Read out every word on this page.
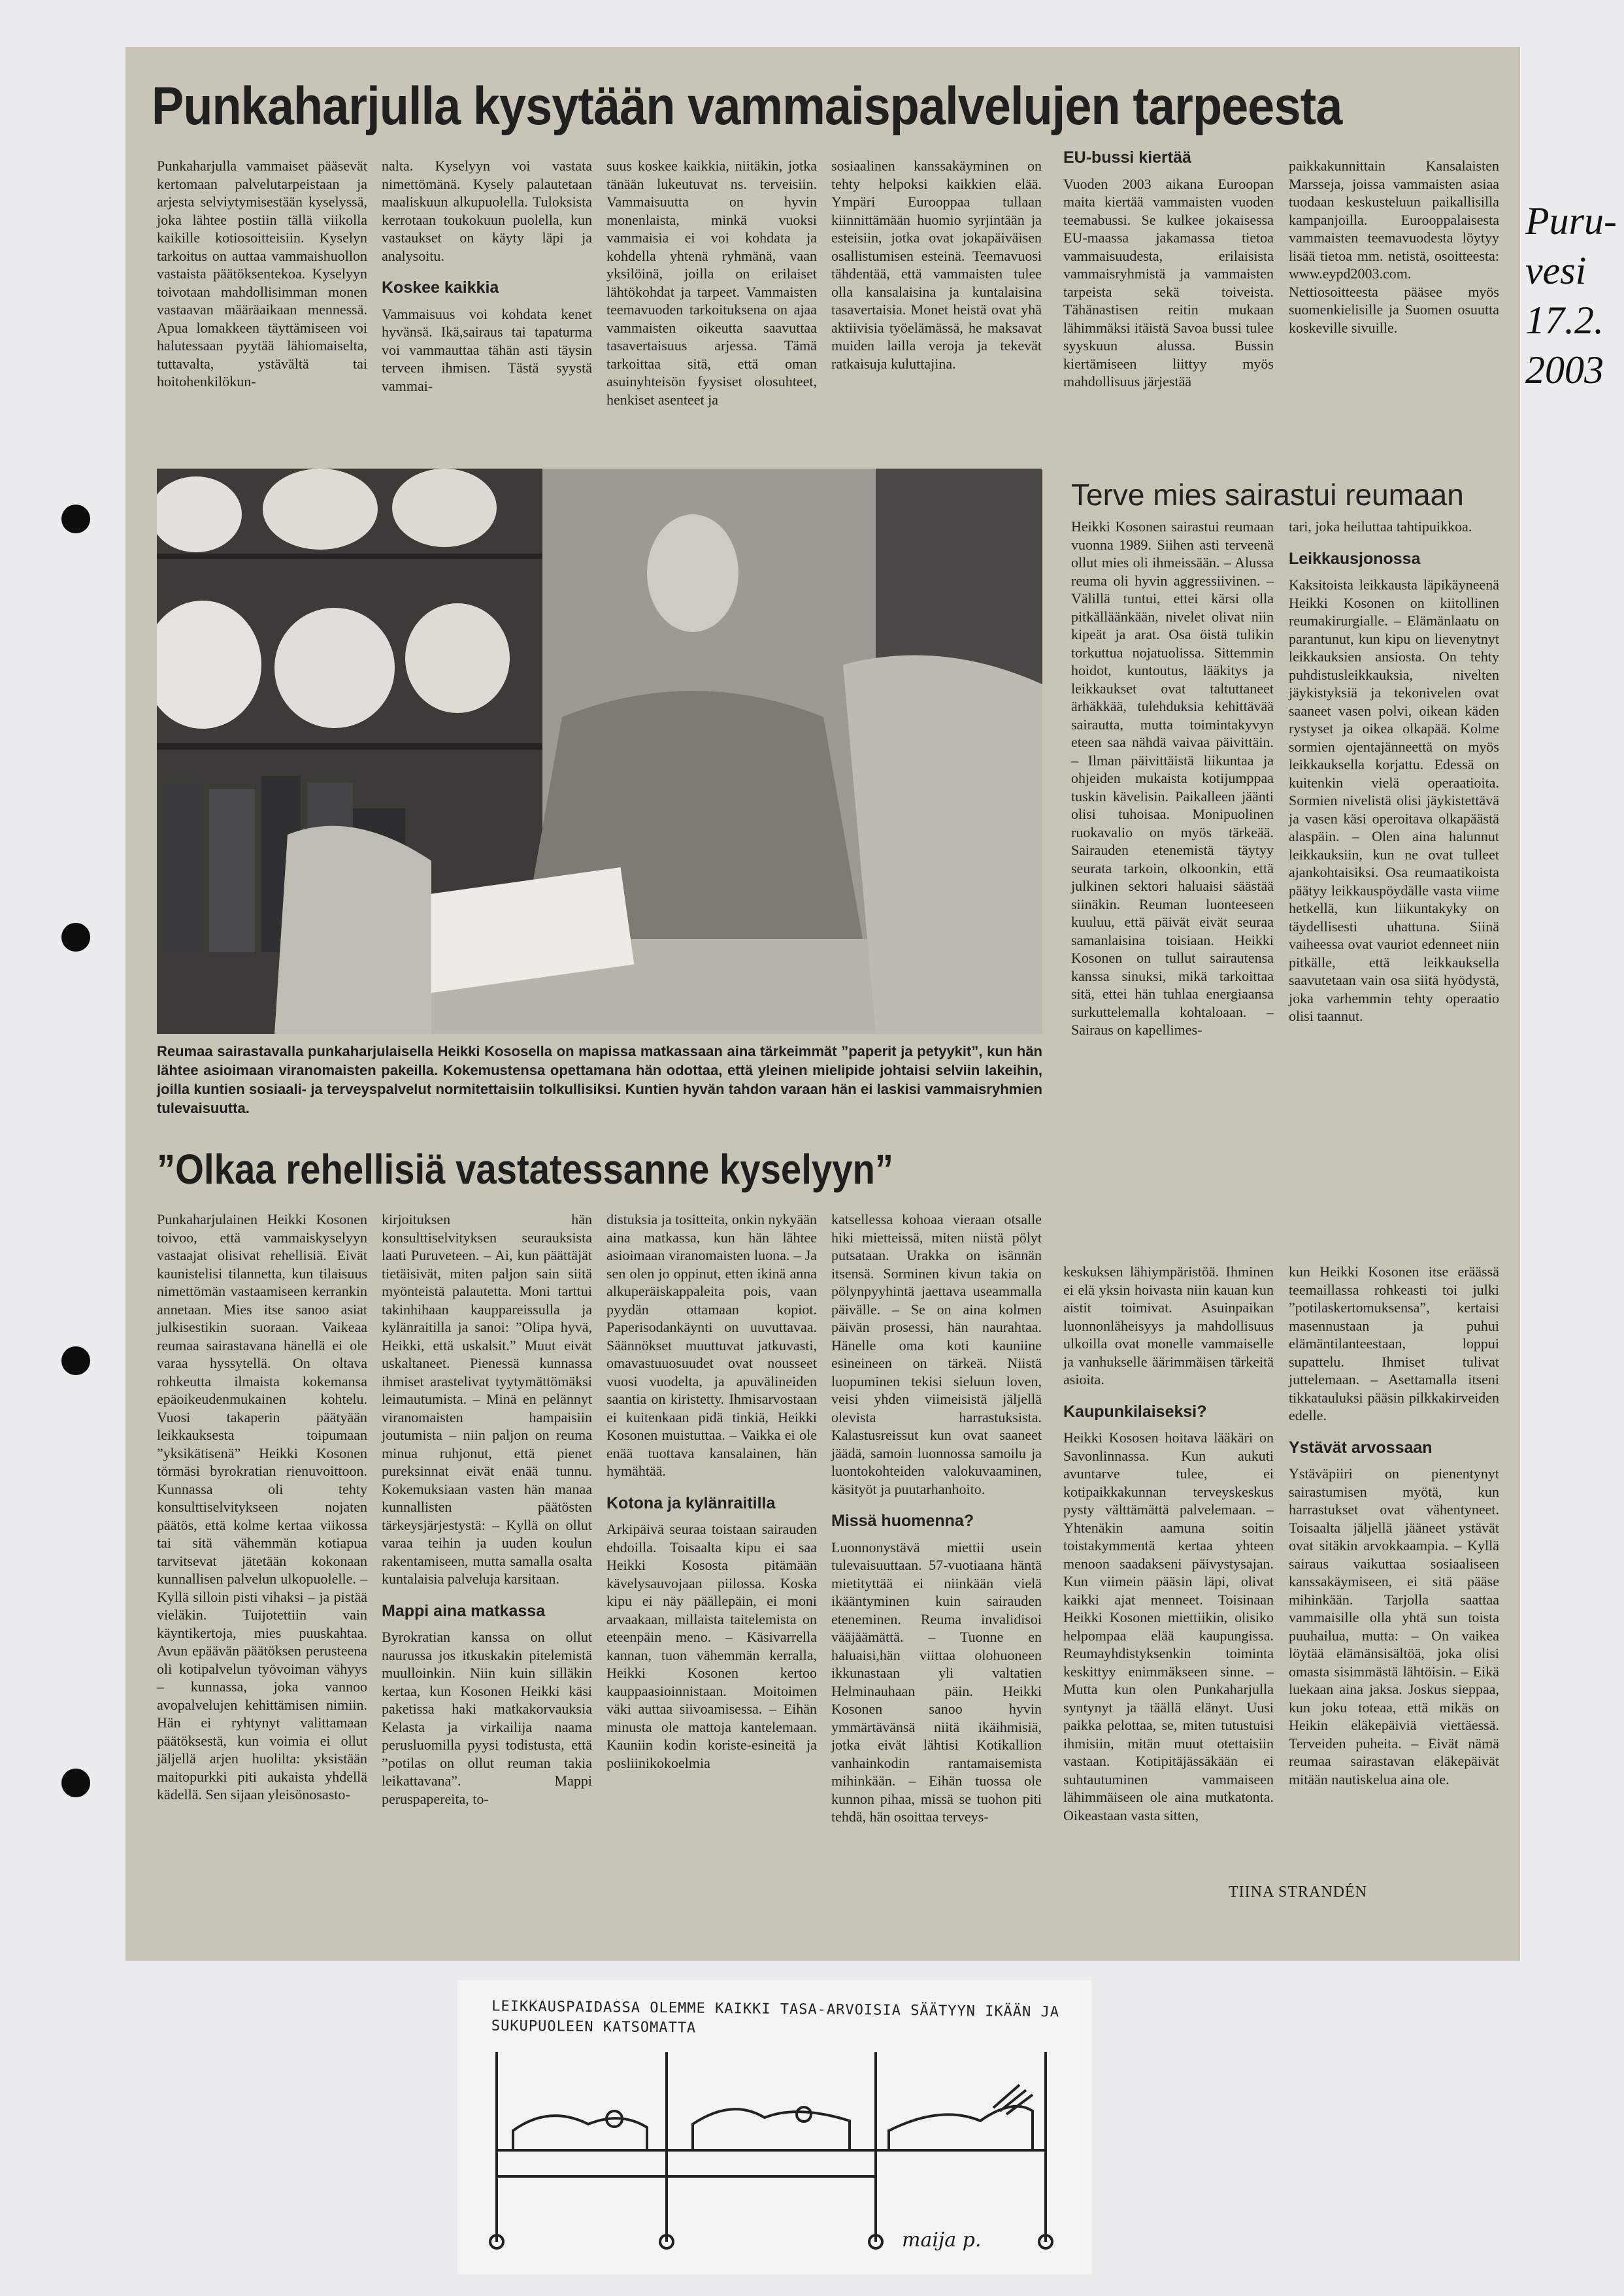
Puru-
vesi
17.2.
2003
Punkaharjulla kysytään vammaispalvelujen tarpeesta

Punkaharjulla vammaiset pääsevät kertomaan palvelutarpeistaan ja arjesta selviytymisestään kyselyssä, joka lähtee postiin tällä viikolla kaikille kotiosoitteisiin. Kyselyn tarkoitus on auttaa vammaishuollon vastaista päätöksentekoa. Kyselyyn toivotaan mahdollisimman monen vastaavan määräaikaan mennessä. Apua lomakkeen täyttämiseen voi halutessaan pyytää lähiomaiselta, tuttavalta, ystävältä tai hoitohenkilökun-

nalta. Kyselyyn voi vastata nimettömänä. Kysely palautetaan maaliskuun alkupuolella. Tuloksista kerrotaan toukokuun puolella, kun vastaukset on käyty läpi ja analysoitu.

Koskee kaikkia

Vammaisuus voi kohdata kenet hyvänsä. Ikä,sairaus tai tapaturma voi vammauttaa tähän asti täysin terveen ihmisen. Tästä syystä vammai-

suus koskee kaikkia, niitäkin, jotka tänään lukeutuvat ns. terveisiin. Vammaisuutta on hyvin monenlaista, minkä vuoksi vammaisia ei voi kohdata ja kohdella yhtenä ryhmänä, vaan yksilöinä, joilla on erilaiset lähtökohdat ja tarpeet. Vammaisten teemavuoden tarkoituksena on ajaa vammaisten oikeutta saavuttaa tasavertaisuus arjessa. Tämä tarkoittaa sitä, että oman asuinyhteisön fyysiset olosuhteet, henkiset asenteet ja

sosiaalinen kanssakäyminen on tehty helpoksi kaikkien elää. Ympäri Eurooppaa tullaan kiinnittämään huomio syrjintään ja esteisiin, jotka ovat jokapäiväisen osallistumisen esteinä. Teemavuosi tähdentää, että vammaisten tulee olla kansalaisina ja kuntalaisina tasavertaisia. Monet heistä ovat yhä aktiivisia työelämässä, he maksavat muiden lailla veroja ja tekevät ratkaisuja kuluttajina.

EU-bussi kiertää

Vuoden 2003 aikana Euroopan maita kiertää vammaisten vuoden teemabussi. Se kulkee jokaisessa EU-maassa jakamassa tietoa vammaisuudesta, erilaisista vammaisryhmistä ja vammaisten tarpeista sekä toiveista. Tähänastisen reitin mukaan lähimmäksi itäistä Savoa bussi tulee syyskuun alussa. Bussin kiertämiseen liittyy myös mahdollisuus järjestää

paikkakunnittain Kansalaisten Marsseja, joissa vammaisten asiaa tuodaan keskusteluun paikallisilla kampanjoilla. Eurooppalaisesta vammaisten teemavuodesta löytyy lisää tietoa mm. netistä, osoitteesta: www.eypd2003.com. Nettiosoitteesta pääsee myös suomenkielisille ja Suomen osuutta koskeville sivuille.

Reumaa sairastavalla punkaharjulaisella Heikki Kososella on mapissa matkassaan aina tärkeimmät ”paperit ja petyykit”, kun hän lähtee asioimaan viranomaisten pakeilla. Kokemustensa opettamana hän odottaa, että yleinen mielipide johtaisi selviin lakeihin, joilla kuntien sosiaali- ja terveyspalvelut normitettaisiin tolkullisiksi. Kuntien hyvän tahdon varaan hän ei laskisi vammaisryhmien tulevaisuutta.
Terve mies sairastui reumaan

Heikki Kosonen sairastui reumaan vuonna 1989. Siihen asti terveenä ollut mies oli ihmeissään. – Alussa reuma oli hyvin aggressiivinen. – Välillä tuntui, ettei kärsi olla pitkälläänkään, nivelet olivat niin kipeät ja arat. Osa öistä tulikin torkuttua nojatuolissa. Sittemmin hoidot, kuntoutus, lääkitys ja leikkaukset ovat taltuttaneet ärhäkkää, tulehduksia kehittävää sairautta, mutta toimintakyvyn eteen saa nähdä vaivaa päivittäin. – Ilman päivittäistä liikuntaa ja ohjeiden mukaista kotijumppaa tuskin kävelisin. Paikalleen jäänti olisi tuhoisaa. Monipuolinen ruokavalio on myös tärkeää. Sairauden etenemistä täytyy seurata tarkoin, olkoonkin, että julkinen sektori haluaisi säästää siinäkin. Reuman luonteeseen kuuluu, että päivät eivät seuraa samanlaisina toisiaan. Heikki Kosonen on tullut sairautensa kanssa sinuksi, mikä tarkoittaa sitä, ettei hän tuhlaa energiaansa surkuttelemalla kohtaloaan. – Sairaus on kapellimes-

tari, joka heiluttaa tahtipuikkoa.

Leikkausjonossa

Kaksitoista leikkausta läpikäyneenä Heikki Kosonen on kiitollinen reumakirurgialle. – Elämänlaatu on parantunut, kun kipu on lievenytnyt leikkauksien ansiosta. On tehty puhdistusleikkauksia, nivelten jäykistyksiä ja tekonivelen ovat saaneet vasen polvi, oikean käden rystyset ja oikea olkapää. Kolme sormien ojentajänneettä on myös leikkauksella korjattu. Edessä on kuitenkin vielä operaatioita. Sormien nivelistä olisi jäykistettävä ja vasen käsi operoitava olkapäästä alaspäin. – Olen aina halunnut leikkauksiin, kun ne ovat tulleet ajankohtaisiksi. Osa reumaatikoista päätyy leikkauspöydälle vasta viime hetkellä, kun liikuntakyky on täydellisesti uhattuna. Siinä vaiheessa ovat vauriot edenneet niin pitkälle, että leikkauksella saavutetaan vain osa siitä hyödystä, joka varhemmin tehty operaatio olisi taannut.

”Olkaa rehellisiä vastatessanne kyselyyn”

Punkaharjulainen Heikki Kosonen toivoo, että vammaiskyselyyn vastaajat olisivat rehellisiä. Eivät kaunistelisi tilannetta, kun tilaisuus nimettömän vastaamiseen kerrankin annetaan. Mies itse sanoo asiat julkisestikin suoraan. Vaikeaa reumaa sairastavana hänellä ei ole varaa hyssytellä. On oltava rohkeutta ilmaista kokemansa epäoikeudenmukainen kohtelu. Vuosi takaperin päätyään leikkauksesta toipumaan ”yksikätisenä” Heikki Kosonen törmäsi byrokratian rienuvoittoon. Kunnassa oli tehty konsulttiselvitykseen nojaten päätös, että kolme kertaa viikossa tai sitä vähemmän kotiapua tarvitsevat jätetään kokonaan kunnallisen palvelun ulkopuolelle. – Kyllä silloin pisti vihaksi – ja pistää vieläkin. Tuijotettiin vain käyntikertoja, mies puuskahtaa. Avun epäävän päätöksen perusteena oli kotipalvelun työvoiman vähyys – kunnassa, joka vannoo avopalvelujen kehittämisen nimiin. Hän ei ryhtynyt valittamaan päätöksestä, kun voimia ei ollut jäljellä arjen huolilta: yksistään maitopurkki piti aukaista yhdellä kädellä. Sen sijaan yleisönosasto-

kirjoituksen hän konsulttiselvityksen seurauksista laati Puruveteen. – Ai, kun päättäjät tietäisivät, miten paljon sain siitä myönteistä palautetta. Moni tarttui takinhihaan kauppareissulla ja kylänraitilla ja sanoi: ”Olipa hyvä, Heikki, että uskalsit.” Muut eivät uskaltaneet. Pienessä kunnassa ihmiset arastelivat tyytymättömäksi leimautumista. – Minä en pelännyt viranomaisten hampaisiin joutumista – niin paljon on reuma minua ruhjonut, että pienet pureksinnat eivät enää tunnu. Kokemuksiaan vasten hän manaa kunnallisten päätösten tärkeysjärjestystä: – Kyllä on ollut varaa teihin ja uuden koulun rakentamiseen, mutta samalla osalta kuntalaisia palveluja karsitaan.

Mappi aina matkassa

Byrokratian kanssa on ollut naurussa jos itkuskakin pitelemistä muulloinkin. Niin kuin silläkin kertaa, kun Kosonen Heikki käsi paketissa haki matkakorvauksia Kelasta ja virkailija naama perusluomilla pyysi todistusta, että ”potilas on ollut reuman takia leikattavana”. Mappi peruspapereita, to-

distuksia ja tositteita, onkin nykyään aina matkassa, kun hän lähtee asioimaan viranomaisten luona. – Ja sen olen jo oppinut, etten ikinä anna alkuperäiskappaleita pois, vaan pyydän ottamaan kopiot. Paperisodankäynti on uuvuttavaa. Säännökset muuttuvat jatkuvasti, omavastuuosuudet ovat nousseet vuosi vuodelta, ja apuvälineiden saantia on kiristetty. Ihmisarvostaan ei kuitenkaan pidä tinkiä, Heikki Kosonen muistuttaa. – Vaikka ei ole enää tuottava kansalainen, hän hymähtää.

Kotona ja kylänraitilla

Arkipäivä seuraa toistaan sairauden ehdoilla. Toisaalta kipu ei saa Heikki Kososta pitämään kävelysauvojaan piilossa. Koska kipu ei näy päällepäin, ei moni arvaakaan, millaista taitelemista on eteenpäin meno. – Käsivarrella kannan, tuon vähemmän kerralla, Heikki Kosonen kertoo kauppaasioinnistaan. Moitoimen väki auttaa siivoamisessa. – Eihän minusta ole mattoja kantelemaan. Kauniin kodin koriste-esineitä ja posliinikokoelmia

katsellessa kohoaa vieraan otsalle hiki mietteissä, miten niistä pölyt putsataan. Urakka on isännän itsensä. Sorminen kivun takia on pölynpyyhintä jaettava useammalla päivälle. – Se on aina kolmen päivän prosessi, hän naurahtaa. Hänelle oma koti kauniine esineineen on tärkeä. Niistä luopuminen tekisi sieluun loven, veisi yhden viimeisistä jäljellä olevista harrastuksista. Kalastusreissut kun ovat saaneet jäädä, samoin luonnossa samoilu ja luontokohteiden valokuvaaminen, käsityöt ja puutarhanhoito.

Missä huomenna?

Luonnonystävä miettii usein tulevaisuuttaan. 57-vuotiaana häntä mietityttää ei niinkään vielä ikääntyminen kuin sairauden eteneminen. Reuma invalidisoi vääjäämättä. – Tuonne en haluaisi,hän viittaa olohuoneen ikkunastaan yli valtatien Helminauhaan päin. Heikki Kosonen sanoo hyvin ymmärtävänsä niitä ikäihmisiä, jotka eivät lähtisi Kotikallion vanhainkodin rantamaisemista mihinkään. – Eihän tuossa ole kunnon pihaa, missä se tuohon piti tehdä, hän osoittaa terveys-

keskuksen lähiympäristöä. Ihminen ei elä yksin hoivasta niin kauan kun aistit toimivat. Asuinpaikan luonnonläheisyys ja mahdollisuus ulkoilla ovat monelle vammaiselle ja vanhukselle äärimmäisen tärkeitä asioita.

Kaupunkilaiseksi?

Heikki Kososen hoitava lääkäri on Savonlinnassa. Kun aukuti avuntarve tulee, ei kotipaikkakunnan terveyskeskus pysty välttämättä palvelemaan. – Yhtenäkin aamuna soitin toistakymmentä kertaa yhteen menoon saadakseni päivystysajan. Kun viimein pääsin läpi, olivat kaikki ajat menneet. Toisinaan Heikki Kosonen miettiikin, olisiko helpompaa elää kaupungissa. Reumayhdistyksenkin toiminta keskittyy enimmäkseen sinne. – Mutta kun olen Punkaharjulla syntynyt ja täällä elänyt. Uusi paikka pelottaa, se, miten tutustuisi ihmisiin, mitän muut otettaisiin vastaan. Kotipitäjässäkään ei suhtautuminen vammaiseen lähimmäiseen ole aina mutkatonta. Oikeastaan vasta sitten,

kun Heikki Kosonen itse eräässä teemaillassa rohkeasti toi julki ”potilaskertomuksensa”, kertaisi masennustaan ja puhui elämäntilanteestaan, loppui supattelu. Ihmiset tulivat juttelemaan. – Asettamalla itseni tikkatauluksi pääsin pilkkakirveiden edelle.

Ystävät arvossaan

Ystäväpiiri on pienentynyt sairastumisen myötä, kun harrastukset ovat vähentyneet. Toisaalta jäljellä jääneet ystävät ovat sitäkin arvokkaampia. – Kyllä sairaus vaikuttaa sosiaaliseen kanssakäymiseen, ei sitä pääse mihinkään. Tarjolla saattaa vammaisille olla yhtä sun toista puuhailua, mutta: – On vaikea löytää elämänsisältöä, joka olisi omasta sisimmästä lähtöisin. – Eikä luekaan aina jaksa. Joskus sieppaa, kun joku toteaa, että mikäs on Heikin eläkepäiviä viettäessä. Terveiden puheita. – Eivät nämä reumaa sairastavan eläkepäivät mitään nautiskelua aina ole.

TIINA STRANDÉN
LEIKKAUSPAIDASSA OLEMME KAIKKI TASA-ARVOISIA SÄÄTYYN IKÄÄN JA SUKUPUOLEEN KATSOMATTA
maija p.
